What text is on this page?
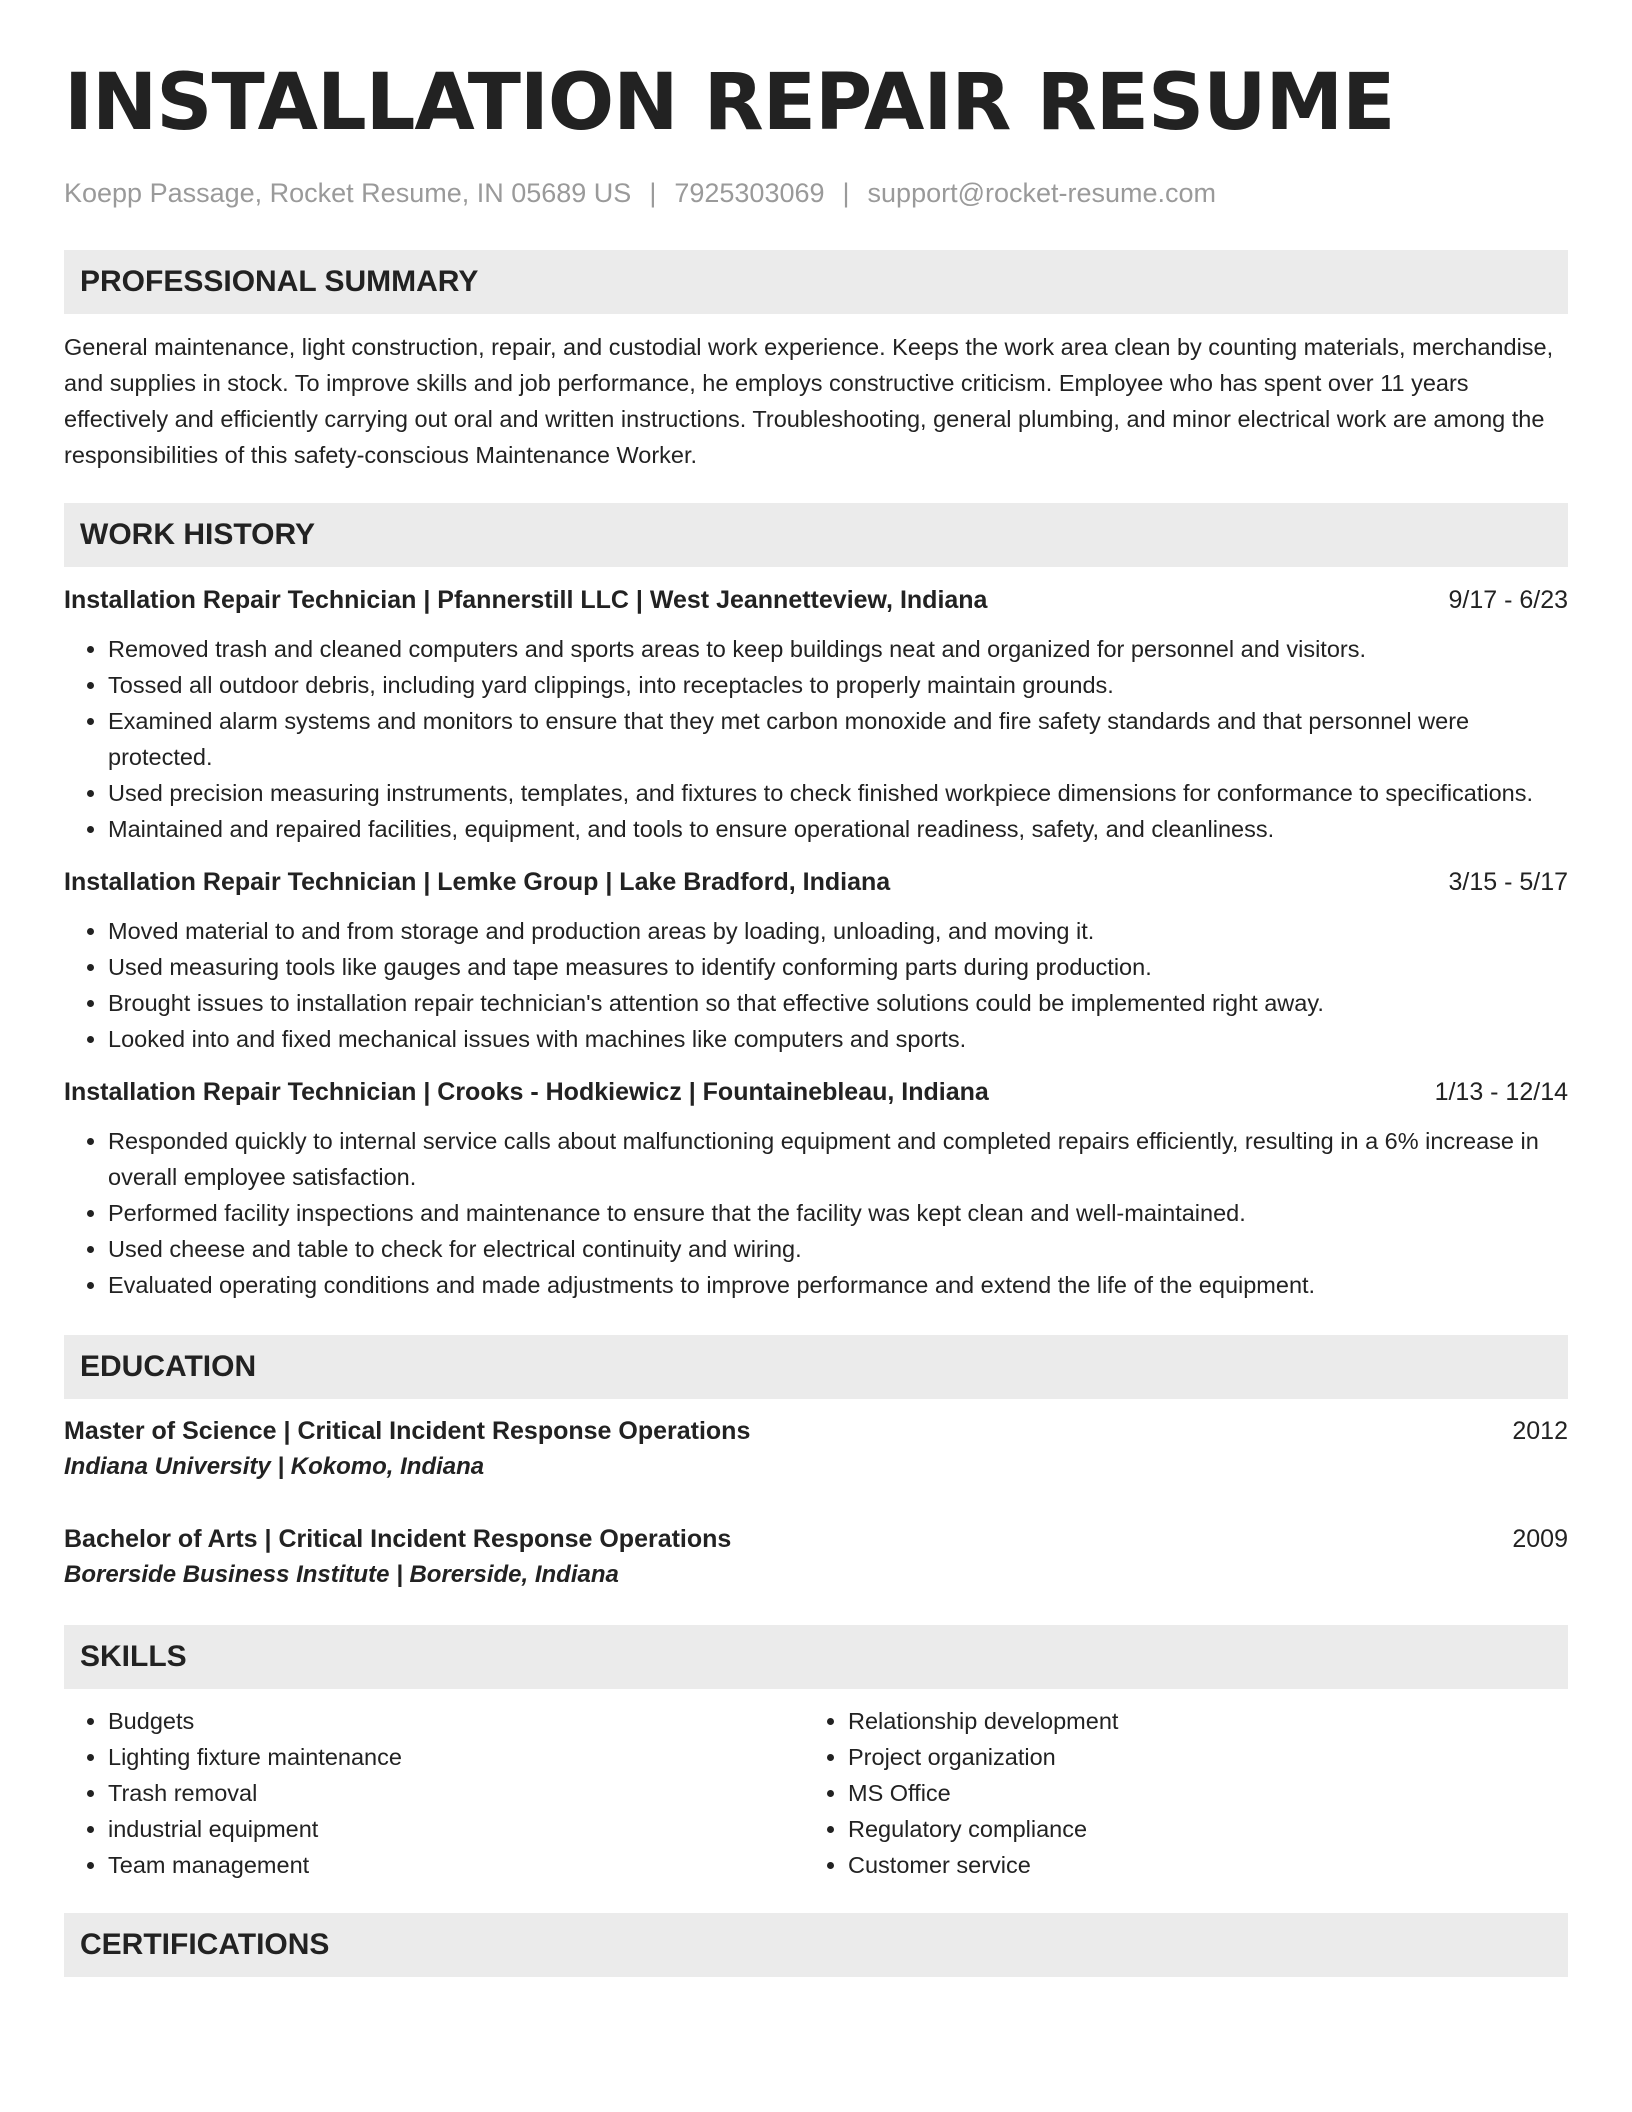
INSTALLATION REPAIR RESUME
Koepp Passage, Rocket Resume, IN 05689 US | 7925303069 | support@rocket-resume.com
PROFESSIONAL SUMMARY

General maintenance, light construction, repair, and custodial work experience. Keeps the work area clean by counting materials, merchandise, and supplies in stock. To improve skills and job performance, he employs constructive criticism. Employee who has spent over 11 years effectively and efficiently carrying out oral and written instructions. Troubleshooting, general plumbing, and minor electrical work are among the responsibilities of this safety-conscious Maintenance Worker.

WORK HISTORY
Installation Repair Technician | Pfannerstill LLC | West Jeannetteview, Indiana	9/17 - 6/23
• Removed trash and cleaned computers and sports areas to keep buildings neat and organized for personnel and visitors.
• Tossed all outdoor debris, including yard clippings, into receptacles to properly maintain grounds.
• Examined alarm systems and monitors to ensure that they met carbon monoxide and fire safety standards and that personnel were protected.
• Used precision measuring instruments, templates, and fixtures to check finished workpiece dimensions for conformance to specifications.
• Maintained and repaired facilities, equipment, and tools to ensure operational readiness, safety, and cleanliness.
Installation Repair Technician | Lemke Group | Lake Bradford, Indiana	3/15 - 5/17
• Moved material to and from storage and production areas by loading, unloading, and moving it.
• Used measuring tools like gauges and tape measures to identify conforming parts during production.
• Brought issues to installation repair technician's attention so that effective solutions could be implemented right away.
• Looked into and fixed mechanical issues with machines like computers and sports.
Installation Repair Technician | Crooks - Hodkiewicz | Fountainebleau, Indiana	1/13 - 12/14
• Responded quickly to internal service calls about malfunctioning equipment and completed repairs efficiently, resulting in a 6% increase in overall employee satisfaction.
• Performed facility inspections and maintenance to ensure that the facility was kept clean and well-maintained.
• Used cheese and table to check for electrical continuity and wiring.
• Evaluated operating conditions and made adjustments to improve performance and extend the life of the equipment.
EDUCATION
Master of Science | Critical Incident Response Operations	2012
Indiana University | Kokomo, Indiana
Bachelor of Arts | Critical Incident Response Operations	2009
Borerside Business Institute | Borerside, Indiana
SKILLS
• Budgets
• Lighting fixture maintenance
• Trash removal
• industrial equipment
• Team management
• Relationship development
• Project organization
• MS Office
• Regulatory compliance
• Customer service
CERTIFICATIONS
